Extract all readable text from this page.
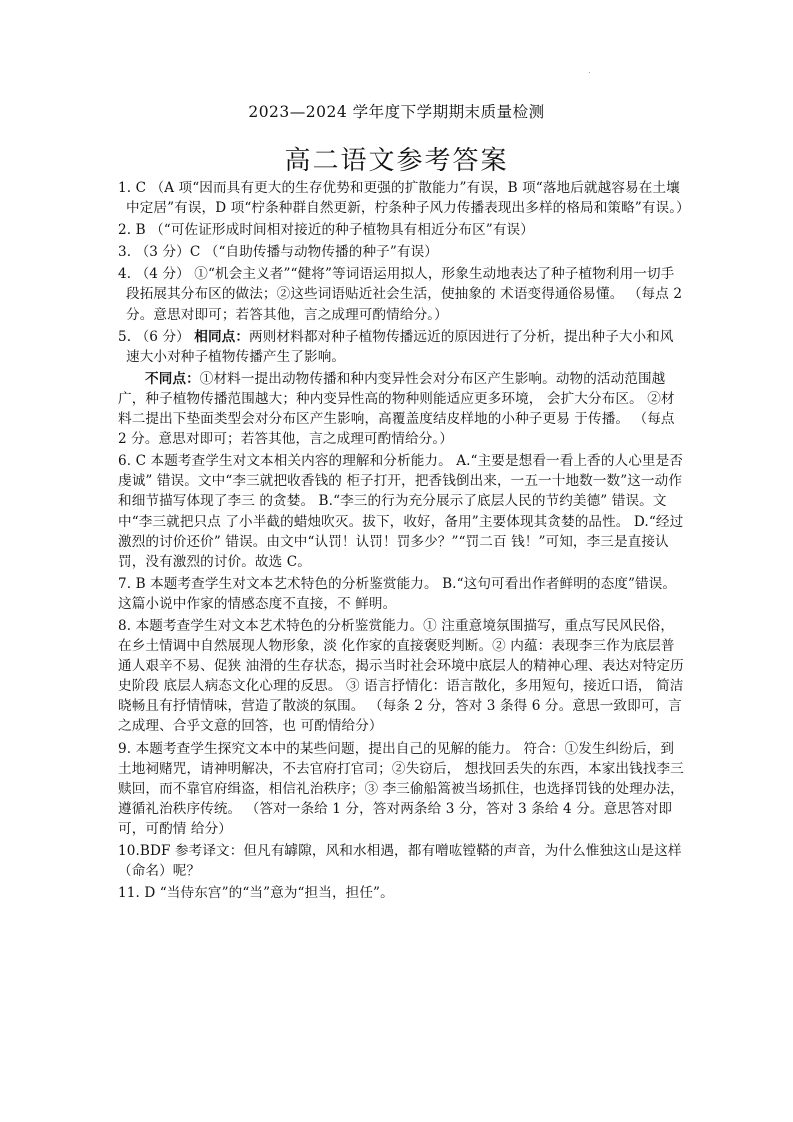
.
2023—2024 学年度下学期期末质量检测
高二语文参考答案

1. C （A 项“因而具有更大的生存优势和更强的扩散能力”有误，B 项“落地后就越容易在土壤中定居”有误，D 项“柠条种群自然更新，柠条种子风力传播表现出多样的格局和策略”有误。）

2. B （“可佐证形成时间相对接近的种子植物具有相近分布区”有误）

3. （3 分）C （“自助传播与动物传播的种子”有误）

4. （4 分） ①“机会主义者”“健将”等词语运用拟人，形象生动地表达了种子植物利用一切手段拓展其分布区的做法；②这些词语贴近社会生活，使抽象的 术语变得通俗易懂。 （每点 2 分。意思对即可；若答其他，言之成理可酌情给分。）

5. （6 分） 相同点：两则材料都对种子植物传播远近的原因进行了分析，提出种子大小和风速大小对种子植物传播产生了影响。

不同点：①材料一提出动物传播和种内变异性会对分布区产生影响。动物的活动范围越广，种子植物传播范围越大；种内变异性高的物种则能适应更多环境， 会扩大分布区。 ②材料二提出下垫面类型会对分布区产生影响，高覆盖度结皮样地的小种子更易 于传播。 （每点 2 分。意思对即可；若答其他，言之成理可酌情给分。）

6. C 本题考查学生对文本相关内容的理解和分析能力。 A.“主要是想看一看上香的人心里是否虔诚” 错误。文中“李三就把收香钱的 柜子打开，把香钱倒出来，一五一十地数一数”这一动作和细节描写体现了李三 的贪婪。 B.“李三的行为充分展示了底层人民的节约美德” 错误。文中“李三就把只点 了小半截的蜡烛吹灭。拔下，收好，备用”主要体现其贪婪的品性。 D.“经过激烈的讨价还价” 错误。由文中“认罚！认罚！罚多少？”“罚二百 钱！”可知，李三是直接认罚，没有激烈的讨价。故选 C。

7. B 本题考查学生对文本艺术特色的分析鉴赏能力。 B.“这句可看出作者鲜明的态度”错误。这篇小说中作家的情感态度不直接，不 鲜明。

8. 本题考查学生对文本艺术特色的分析鉴赏能力。① 注重意境氛围描写，重点写民风民俗，在乡土情调中自然展现人物形象，淡 化作家的直接褒贬判断。② 内蕴：表现李三作为底层普通人艰辛不易、促狭 油滑的生存状态，揭示当时社会环境中底层人的精神心理、表达对特定历史阶段 底层人病态文化心理的反思。 ③ 语言抒情化：语言散化，多用短句，接近口语， 简洁晓畅且有抒情情味，营造了散淡的氛围。 （每条 2 分，答对 3 条得 6 分。意思一致即可，言之成理、合乎文意的回答，也 可酌情给分）

9. 本题考查学生探究文本中的某些问题，提出自己的见解的能力。 符合：①发生纠纷后，到土地祠赌咒，请神明解决，不去官府打官司；②失窃后， 想找回丢失的东西，本家出钱找李三赎回，而不靠官府缉盗，相信礼治秩序；③ 李三偷船篙被当场抓住，也选择罚钱的处理办法，遵循礼治秩序传统。 （答对一条给 1 分，答对两条给 3 分，答对 3 条给 4 分。意思答对即可，可酌情 给分）

10.BDF 参考译文：但凡有罅隙，风和水相遇，都有噌吰镗鞳的声音，为什么惟独这山是这样（命名）呢？

11. D “当侍东宫”的“当”意为“担当，担任”。
